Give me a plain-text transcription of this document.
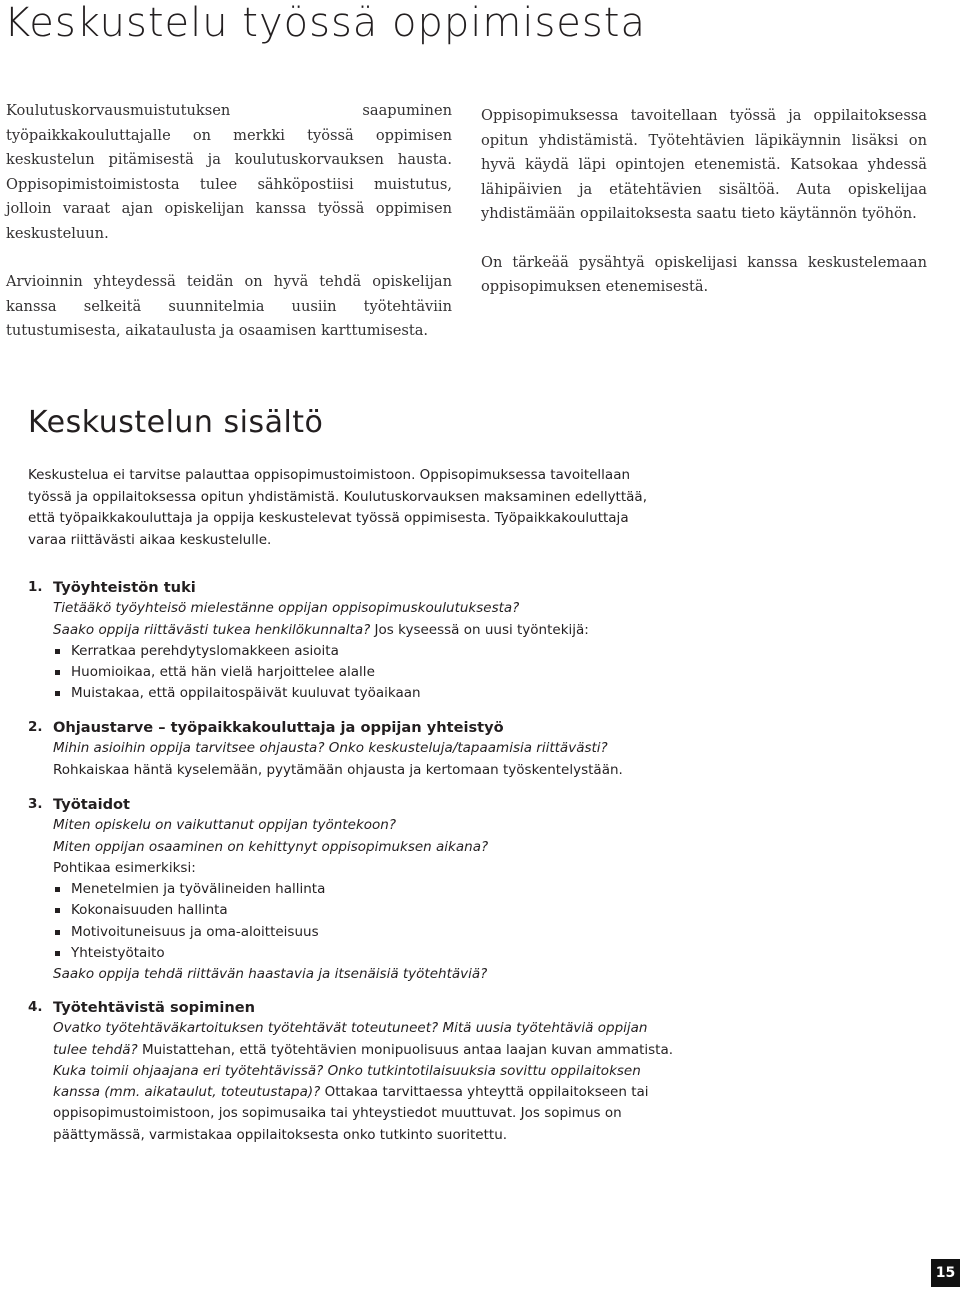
Keskustelu työssä oppimisesta

Koulutuskorvausmuistutuksen saapuminen työpaikkakouluttajalle on merkki työssä oppimisen keskustelun pitämisestä ja koulutuskorvauksen hausta. Oppisopimistoimistosta tulee sähköpostiisi muistutus, jolloin varaat ajan opiskelijan kanssa työssä oppimisen keskusteluun.

Arvioinnin yhteydessä teidän on hyvä tehdä opiskelijan kanssa selkeitä suunnitelmia uusiin työtehtäviin tutustumisesta, aikataulusta ja osaamisen karttumisesta.

Oppisopimuksessa tavoitellaan työssä ja oppilaitoksessa opitun yhdistämistä. Työtehtävien läpikäynnin lisäksi on hyvä käydä läpi opintojen etenemistä. Katsokaa yhdessä lähipäivien ja etätehtävien sisältöä. Auta opiskelijaa yhdistämään oppilaitoksesta saatu tieto käytännön työhön.

On tärkeää pysähtyä opiskelijasi kanssa keskustelemaan oppisopimuksen etenemisestä.

Keskustelun sisältö
Keskustelua ei tarvitse palauttaa oppisopimustoimistoon. Oppisopimuksessa tavoitellaan
työssä ja oppilaitoksessa opitun yhdistämistä. Koulutuskorvauksen maksaminen edellyttää,
että työpaikkakouluttaja ja oppija keskustelevat työssä oppimisesta. Työpaikkakouluttaja
varaa riittävästi aikaa keskustelulle.
1. Työyhteistön tuki
Tietääkö työyhteisö mielestänne oppijan oppisopimuskoulutuksesta?
Saako oppija riittävästi tukea henkilökunnalta? Jos kyseessä on uusi työntekijä:
Kerratkaa perehdytyslomakkeen asioita
Huomioikaa, että hän vielä harjoittelee alalle
Muistakaa, että oppilaitospäivät kuuluvat työaikaan
2. Ohjaustarve – työpaikkakouluttaja ja oppijan yhteistyö
Mihin asioihin oppija tarvitsee ohjausta? Onko keskusteluja/tapaamisia riittävästi?
Rohkaiskaa häntä kyselemään, pyytämään ohjausta ja kertomaan työskentelystään.
3. Työtaidot
Miten opiskelu on vaikuttanut oppijan työntekoon?
Miten oppijan osaaminen on kehittynyt oppisopimuksen aikana?
Pohtikaa esimerkiksi:
Menetelmien ja työvälineiden hallinta
Kokonaisuuden hallinta
Motivoituneisuus ja oma-aloitteisuus
Yhteistyötaito
Saako oppija tehdä riittävän haastavia ja itsenäisiä työtehtäviä?
4. Työtehtävistä sopiminen
Ovatko työtehtäväkartoituksen työtehtävät toteutuneet? Mitä uusia työtehtäviä oppijan
tulee tehdä? Muistattehan, että työtehtävien monipuolisuus antaa laajan kuvan ammatista.
Kuka toimii ohjaajana eri työtehtävissä? Onko tutkintotilaisuuksia sovittu oppilaitoksen
kanssa (mm. aikataulut, toteutustapa)? Ottakaa tarvittaessa yhteyttä oppilaitokseen tai
oppisopimustoimistoon, jos sopimusaika tai yhteystiedot muuttuvat. Jos sopimus on
päättymässä, varmistakaa oppilaitoksesta onko tutkinto suoritettu.
15
